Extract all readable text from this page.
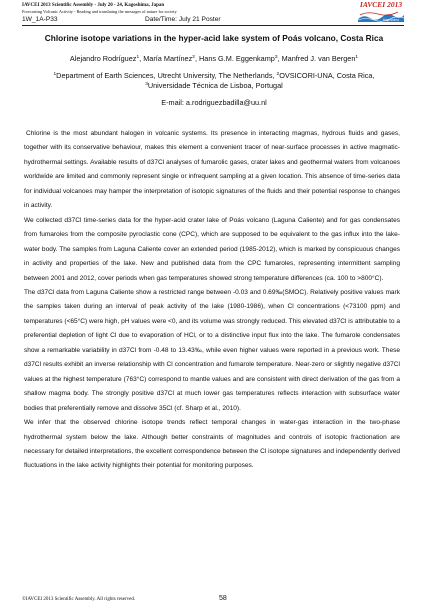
IAVCEI 2013 Scientific Assembly - July 20 - 24, Kagoshima, Japan
Forecasting Volcanic Activity - Reading and translating the messages of nature for society
1W_1A-P33	Date/Time: July 21 Poster
IAVCEI 2013
Kagoshima
Chlorine isotope variations in the hyper-acid lake system of Poás volcano, Costa Rica
Alejandro Rodríguez$^1$, María Martínez$^2$, Hans G.M. Eggenkamp$^3$, Manfred J. van Bergen$^1$
$^1$Department of Earth Sciences, Utrecht University, The Netherlands, $^2$OVSICORI-UNA, Costa Rica,
$^3$Universidade Técnica de Lisboa, Portugal
E-mail: a.rodriguezbadilla@uu.nl

Chlorine is the most abundant halogen in volcanic systems. Its presence in interacting magmas, hydrous fluids and gases, together with its conservative behaviour, makes this element a convenient tracer of near-surface processes in active magmatic-hydrothermal settings. Available results of d37Cl analyses of fumarolic gases, crater lakes and geothermal waters from volcanoes worldwide are limited and commonly represent single or infrequent sampling at a given location. This absence of time-series data for individual volcanoes may hamper the interpretation of isotopic signatures of the fluids and their potential response to changes in activity.

We collected d37Cl time-series data for the hyper-acid crater lake of Poás volcano (Laguna Caliente) and for gas condensates from fumaroles from the composite pyroclastic cone (CPC), which are supposed to be equivalent to the gas influx into the lake-water body. The samples from Laguna Caliente cover an extended period (1985-2012), which is marked by conspicuous changes in activity and properties of the lake. New and published data from the CPC fumaroles, representing intermittent sampling between 2001 and 2012, cover periods when gas temperatures showed strong temperature differences (ca. 100 to >800°C).

The d37Cl data from Laguna Caliente show a restricted range between -0.03 and 0.69‰(SMOC). Relatively positive values mark the samples taken during an interval of peak activity of the lake (1980-1986), when Cl concentrations (<73100 ppm) and temperatures (<65°C) were high, pH values were <0, and its volume was strongly reduced. This elevated d37Cl is attributable to a preferential depletion of light Cl due to evaporation of HCl, or to a distinctive input flux into the lake. The fumarole condensates show a remarkable variability in d37Cl from -0.48 to 13.43‰, while even higher values were reported in a previous work. These d37Cl results exhibit an inverse relationship with Cl concentration and fumarole temperature. Near-zero or slightly negative d37Cl values at the highest temperature (763°C) correspond to mantle values and are consistent with direct derivation of the gas from a shallow magma body. The strongly positive d37Cl at much lower gas temperatures reflects interaction with subsurface water bodies that preferentially remove and dissolve 35Cl (cf. Sharp et al., 2010).

We infer that the observed chlorine isotope trends reflect temporal changes in water-gas interaction in the two-phase hydrothermal system below the lake. Although better constraints of magnitudes and controls of isotopic fractionation are necessary for detailed interpretations, the excellent correspondence between the Cl isotope signatures and independently derived fluctuations in the lake activity highlights their potential for monitoring purposes.

©IAVCEI 2013 Scientific Assembly. All rights reserved.	58
